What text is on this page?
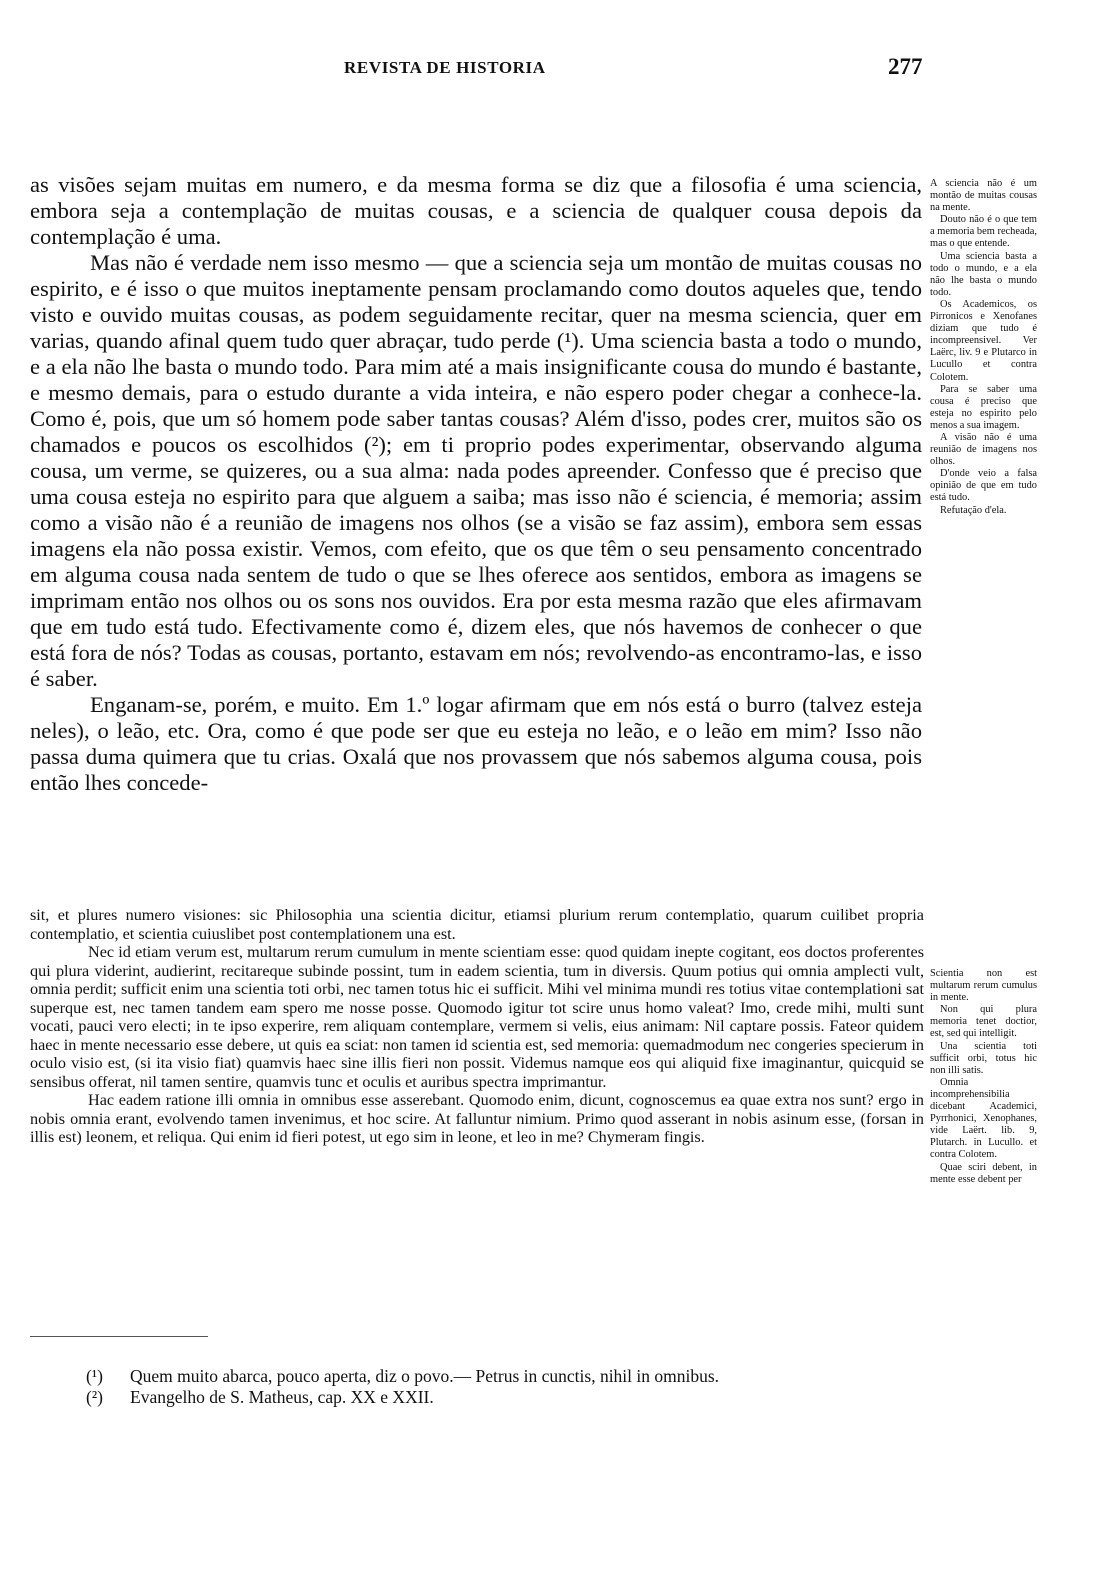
REVISTA DE HISTORIA	277

as visões sejam muitas em numero, e da mesma forma se diz que a filosofia é uma sciencia, embora seja a contemplação de muitas cousas, e a sciencia de qualquer cousa depois da contemplação é uma.

Mas não é verdade nem isso mesmo — que a sciencia seja um montão de muitas cousas no espirito, e é isso o que muitos ineptamente pensam proclamando como doutos aqueles que, tendo visto e ouvido muitas cousas, as podem seguidamente recitar, quer na mesma sciencia, quer em varias, quando afinal quem tudo quer abraçar, tudo perde (¹). Uma sciencia basta a todo o mundo, e a ela não lhe basta o mundo todo. Para mim até a mais insignificante cousa do mundo é bastante, e mesmo demais, para o estudo durante a vida inteira, e não espero poder chegar a conhece-la. Como é, pois, que um só homem pode saber tantas cousas? Além d'isso, podes crer, muitos são os chamados e poucos os escolhidos (²); em ti proprio podes experimentar, observando alguma cousa, um verme, se quizeres, ou a sua alma: nada podes apreender. Confesso que é preciso que uma cousa esteja no espirito para que alguem a saiba; mas isso não é sciencia, é memoria; assim como a visão não é a reunião de imagens nos olhos (se a visão se faz assim), embora sem essas imagens ela não possa existir. Vemos, com efeito, que os que têm o seu pensamento concentrado em alguma cousa nada sentem de tudo o que se lhes oferece aos sentidos, embora as imagens se imprimam então nos olhos ou os sons nos ouvidos. Era por esta mesma razão que eles afirmavam que em tudo está tudo. Efectivamente como é, dizem eles, que nós havemos de conhecer o que está fora de nós? Todas as cousas, portanto, estavam em nós; revolvendo-as encontramo-las, e isso é saber.

Enganam-se, porém, e muito. Em 1.º logar afirmam que em nós está o burro (talvez esteja neles), o leão, etc. Ora, como é que pode ser que eu esteja no leão, e o leão em mim? Isso não passa duma quimera que tu crias. Oxalá que nos provassem que nós sabemos alguma cousa, pois então lhes concede-

A sciencia não é um montão de muitas cousas na mente.

Douto não é o que tem a memoria bem recheada, mas o que entende.

Uma sciencia basta a todo o mundo, e a ela não lhe basta o mundo todo.

Os Academicos, os Pirronicos e Xenofanes diziam que tudo é incompreensivel. Ver Laërc, liv. 9 e Plutarco in Lucullo et contra Colotem.

Para se saber uma cousa é preciso que esteja no espirito pelo menos a sua imagem.

A visão não é uma reunião de imagens nos olhos.

D'onde veio a falsa opinião de que em tudo está tudo.

Refutação d'ela.

sit, et plures numero visiones: sic Philosophia una scientia dicitur, etiamsi plurium rerum contemplatio, quarum cuilibet propria contemplatio, et scientia cuiuslibet post contemplationem una est.

Nec id etiam verum est, multarum rerum cumulum in mente scientiam esse: quod quidam inepte cogitant, eos doctos proferentes qui plura viderint, audierint, recitareque subinde possint, tum in eadem scientia, tum in diversis. Quum potius qui omnia amplecti vult, omnia perdit; sufficit enim una scientia toti orbi, nec tamen totus hic ei sufficit. Mihi vel minima mundi res totius vitae contemplationi sat superque est, nec tamen tandem eam spero me nosse posse. Quomodo igitur tot scire unus homo valeat? Imo, crede mihi, multi sunt vocati, pauci vero electi; in te ipso experire, rem aliquam contemplare, vermem si velis, eius animam: Nil captare possis. Fateor quidem haec in mente necessario esse debere, ut quis ea sciat: non tamen id scientia est, sed memoria: quemadmodum nec congeries specierum in oculo visio est, (si ita visio fiat) quamvis haec sine illis fieri non possit. Videmus namque eos qui aliquid fixe imaginantur, quicquid se sensibus offerat, nil tamen sentire, quamvis tunc et oculis et auribus spectra imprimantur.

Hac eadem ratione illi omnia in omnibus esse asserebant. Quomodo enim, dicunt, cognoscemus ea quae extra nos sunt? ergo in nobis omnia erant, evolvendo tamen invenimus, et hoc scire. At falluntur nimium. Primo quod asserant in nobis asinum esse, (forsan in illis est) leonem, et reliqua. Qui enim id fieri potest, ut ego sim in leone, et leo in me? Chymeram fingis.

Scientia non est multarum rerum cumulus in mente.

Non qui plura memoria tenet doctior, est, sed qui intelligit.

Una scientia toti sufficit orbi, totus hic non illi satis.

Omnia incomprehensibilia dicebant Academici, Pyrrhonici, Xenophanes, vide Laërt. lib. 9, Plutarch. in Lucullo. et contra Colotem.

Quae sciri debent, in mente esse debent per

(¹)	Quem muito abarca, pouco aperta, diz o povo.— Petrus in cunctis, nihil in omnibus.
(²)	Evangelho de S. Matheus, cap. XX e XXII.
